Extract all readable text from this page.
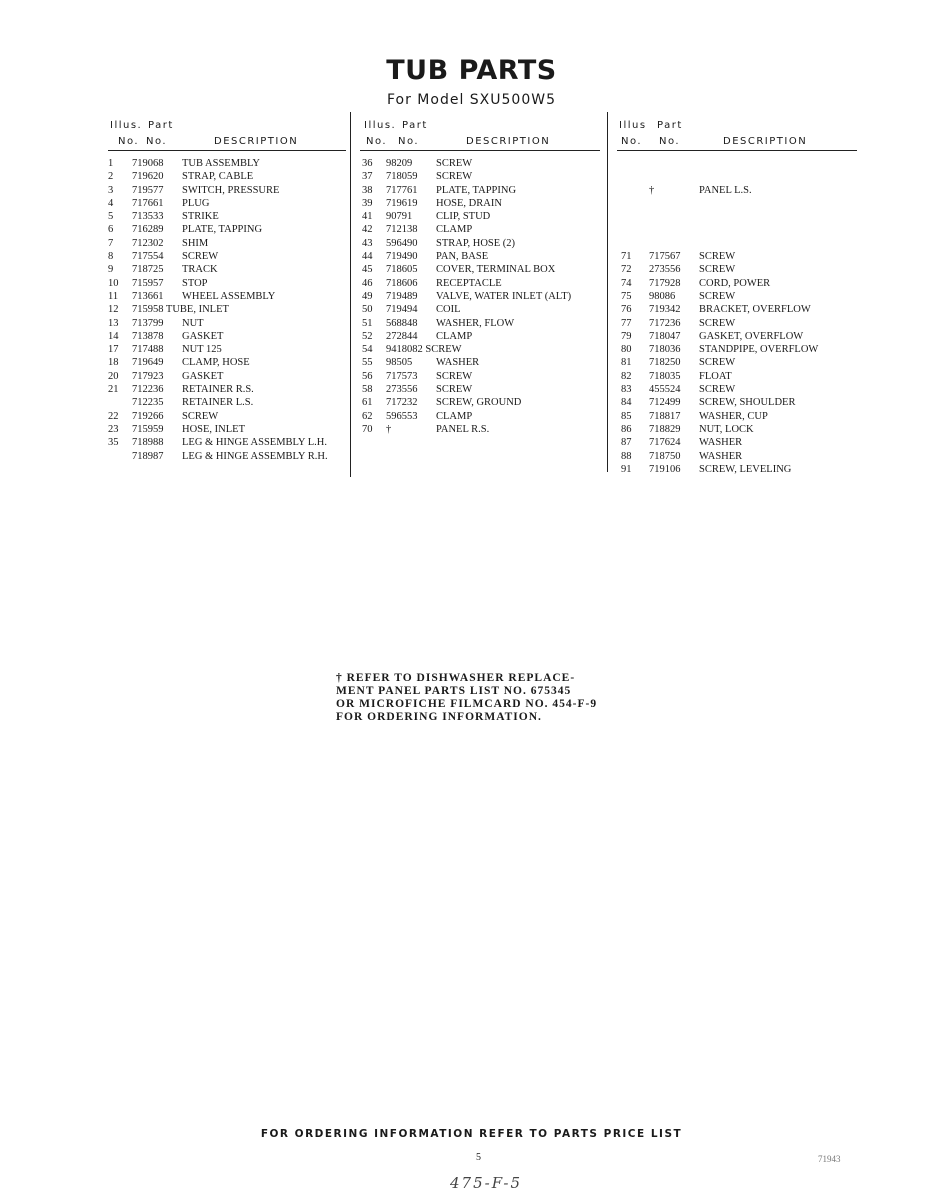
TUB PARTS
For Model SXU500W5
Illus. Part
No. No.	DESCRIPTION
1 719068 TUB ASSEMBLY
2 719620 STRAP, CABLE
3 719577 SWITCH, PRESSURE
4 717661 PLUG
5 713533 STRIKE
6 716289 PLATE, TAPPING
7 712302 SHIM
8 717554 SCREW
9 718725 TRACK
10 715957 STOP
11 713661 WHEEL ASSEMBLY
12 715958 TUBE, INLET
13 713799 NUT
14 713878 GASKET
17 717488 NUT 125
18 719649 CLAMP, HOSE
20 717923 GASKET
21 712236 RETAINER R.S.
712235 RETAINER L.S.
22 719266 SCREW
23 715959 HOSE, INLET
35 718988 LEG & HINGE ASSEMBLY L.H.
718987 LEG & HINGE ASSEMBLY R.H.
Illus. Part
No. No.	DESCRIPTION
36 98209 SCREW
37 718059 SCREW
38 717761 PLATE, TAPPING
39 719619 HOSE, DRAIN
41 90791 CLIP, STUD
42 712138 CLAMP
43 596490 STRAP, HOSE (2)
44 719490 PAN, BASE
45 718605 COVER, TERMINAL BOX
46 718606 RECEPTACLE
49 719489 VALVE, WATER INLET (ALT)
50 719494 COIL
51 568848 WASHER, FLOW
52 272844 CLAMP
54 9418082 SCREW
55 98505 WASHER
56 717573 SCREW
58 273556 SCREW
61 717232 SCREW, GROUND
62 596553 CLAMP
70 †	PANEL R.S.
Illus Part
No. No.	DESCRIPTION
†	PANEL L.S.
71 717567 SCREW
72 273556 SCREW
74 717928 CORD, POWER
75 98086 SCREW
76 719342 BRACKET, OVERFLOW
77 717236 SCREW
79 718047 GASKET, OVERFLOW
80 718036 STANDPIPE, OVERFLOW
81 718250 SCREW
82 718035 FLOAT
83 455524 SCREW
84 712499 SCREW, SHOULDER
85 718817 WASHER, CUP
86 718829 NUT, LOCK
87 717624 WASHER
88 718750 WASHER
91 719106 SCREW, LEVELING
† REFER TO DISHWASHER REPLACE-
MENT PANEL PARTS LIST NO. 675345
OR MICROFICHE FILMCARD NO. 454-F-9
FOR ORDERING INFORMATION.
FOR ORDERING INFORMATION REFER TO PARTS PRICE LIST
5	71943
475-F-5
